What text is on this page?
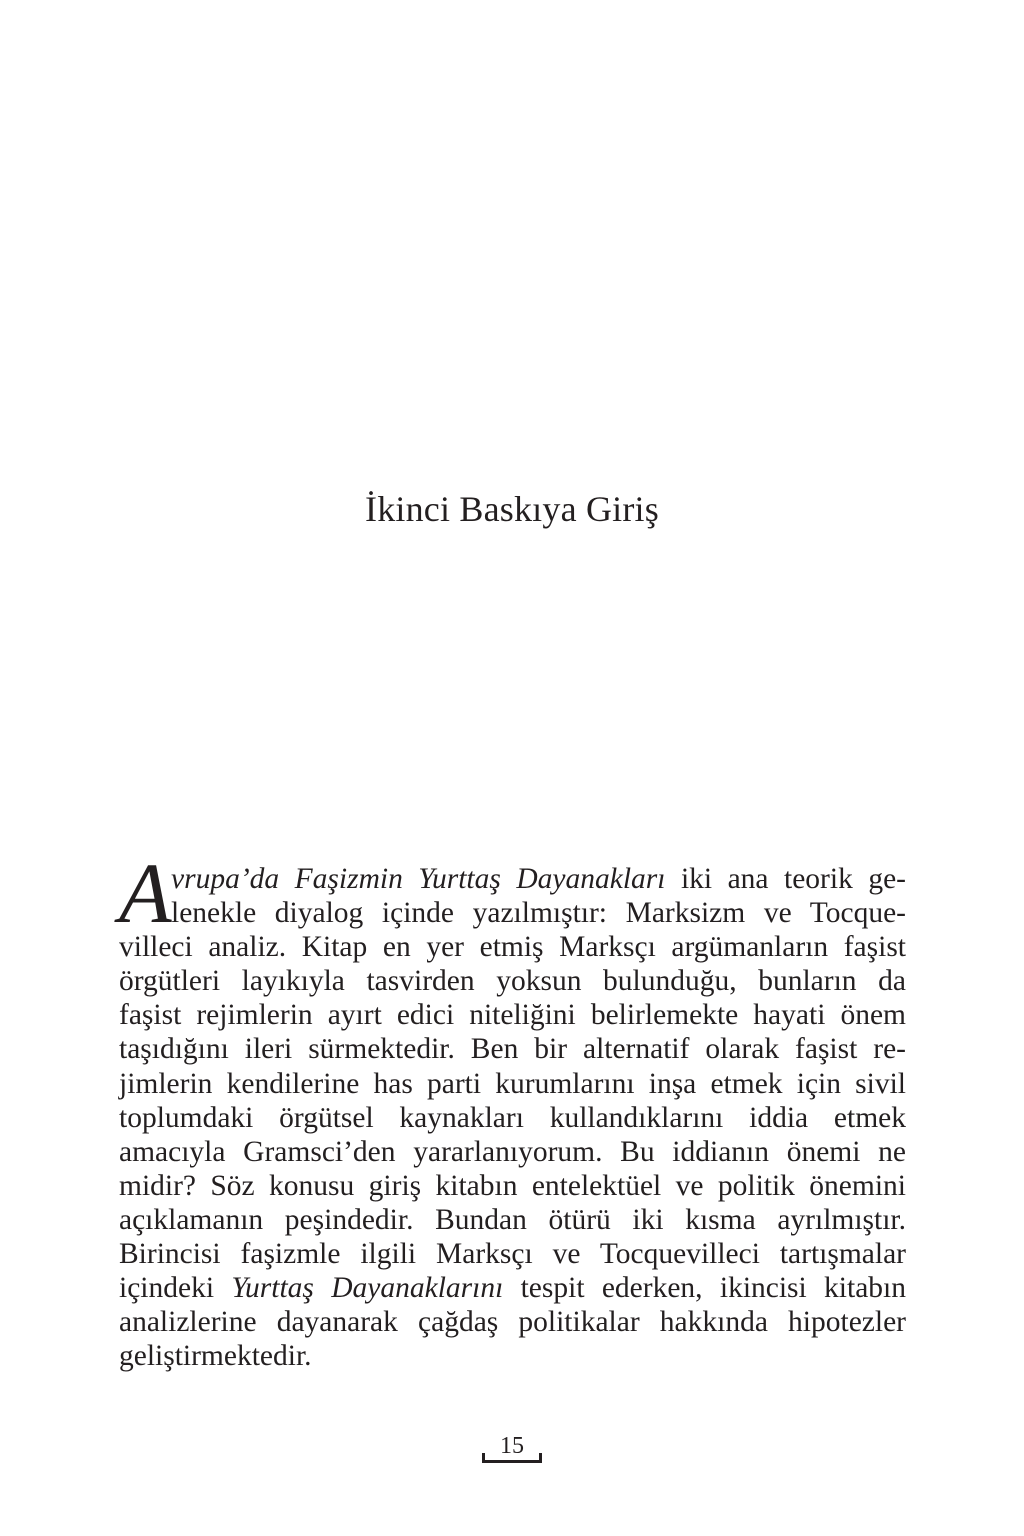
İkinci Baskıya Giriş
A vrupa’da Faşizmin Yurttaş Dayanakları iki ana teorik ge-
lenekle diyalog içinde yazılmıştır: Marksizm ve Tocque-
villeci analiz. Kitap en yer etmiş Marksçı argümanların faşist
örgütleri layıkıyla tasvirden yoksun bulunduğu, bunların da
faşist rejimlerin ayırt edici niteliğini belirlemekte hayati önem
taşıdığını ileri sürmektedir. Ben bir alternatif olarak faşist re-
jimlerin kendilerine has parti kurumlarını inşa etmek için sivil
toplumdaki örgütsel kaynakları kullandıklarını iddia etmek
amacıyla Gramsci’den yararlanıyorum. Bu iddianın önemi ne
midir? Söz konusu giriş kitabın entelektüel ve politik önemini
açıklamanın peşindedir. Bundan ötürü iki kısma ayrılmıştır.
Birincisi faşizmle ilgili Marksçı ve Tocquevilleci tartışmalar
içindeki Yurttaş Dayanaklarını tespit ederken, ikincisi kitabın
analizlerine dayanarak çağdaş politikalar hakkında hipotezler
geliştirmektedir.
15
